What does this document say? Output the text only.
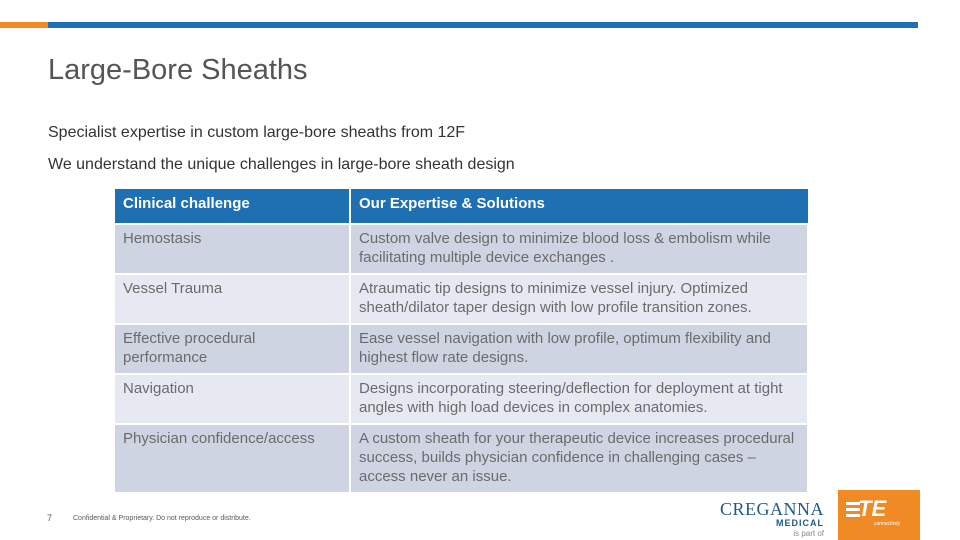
Large-Bore Sheaths
Specialist expertise in custom large-bore sheaths from 12F
We understand the unique challenges in large-bore sheath design
Clinical challenge	Our Expertise & Solutions
Hemostasis	Custom valve design to minimize blood loss & embolism while facilitating multiple device exchanges .
Vessel Trauma	Atraumatic tip designs to minimize vessel injury. Optimized sheath/dilator taper design with low profile transition zones.
Effective procedural performance	Ease vessel navigation with low profile, optimum flexibility and highest flow rate designs.
Navigation	Designs incorporating steering/deflection for deployment at tight angles with high load devices in complex anatomies.
Physician confidence/access	A custom sheath for your therapeutic device increases procedural success, builds physician confidence in challenging cases – access never an issue.
7	Confidential & Proprietary. Do not reproduce or distribute.	CREGANNA
MEDICAL
is part of
TE
connectivity
